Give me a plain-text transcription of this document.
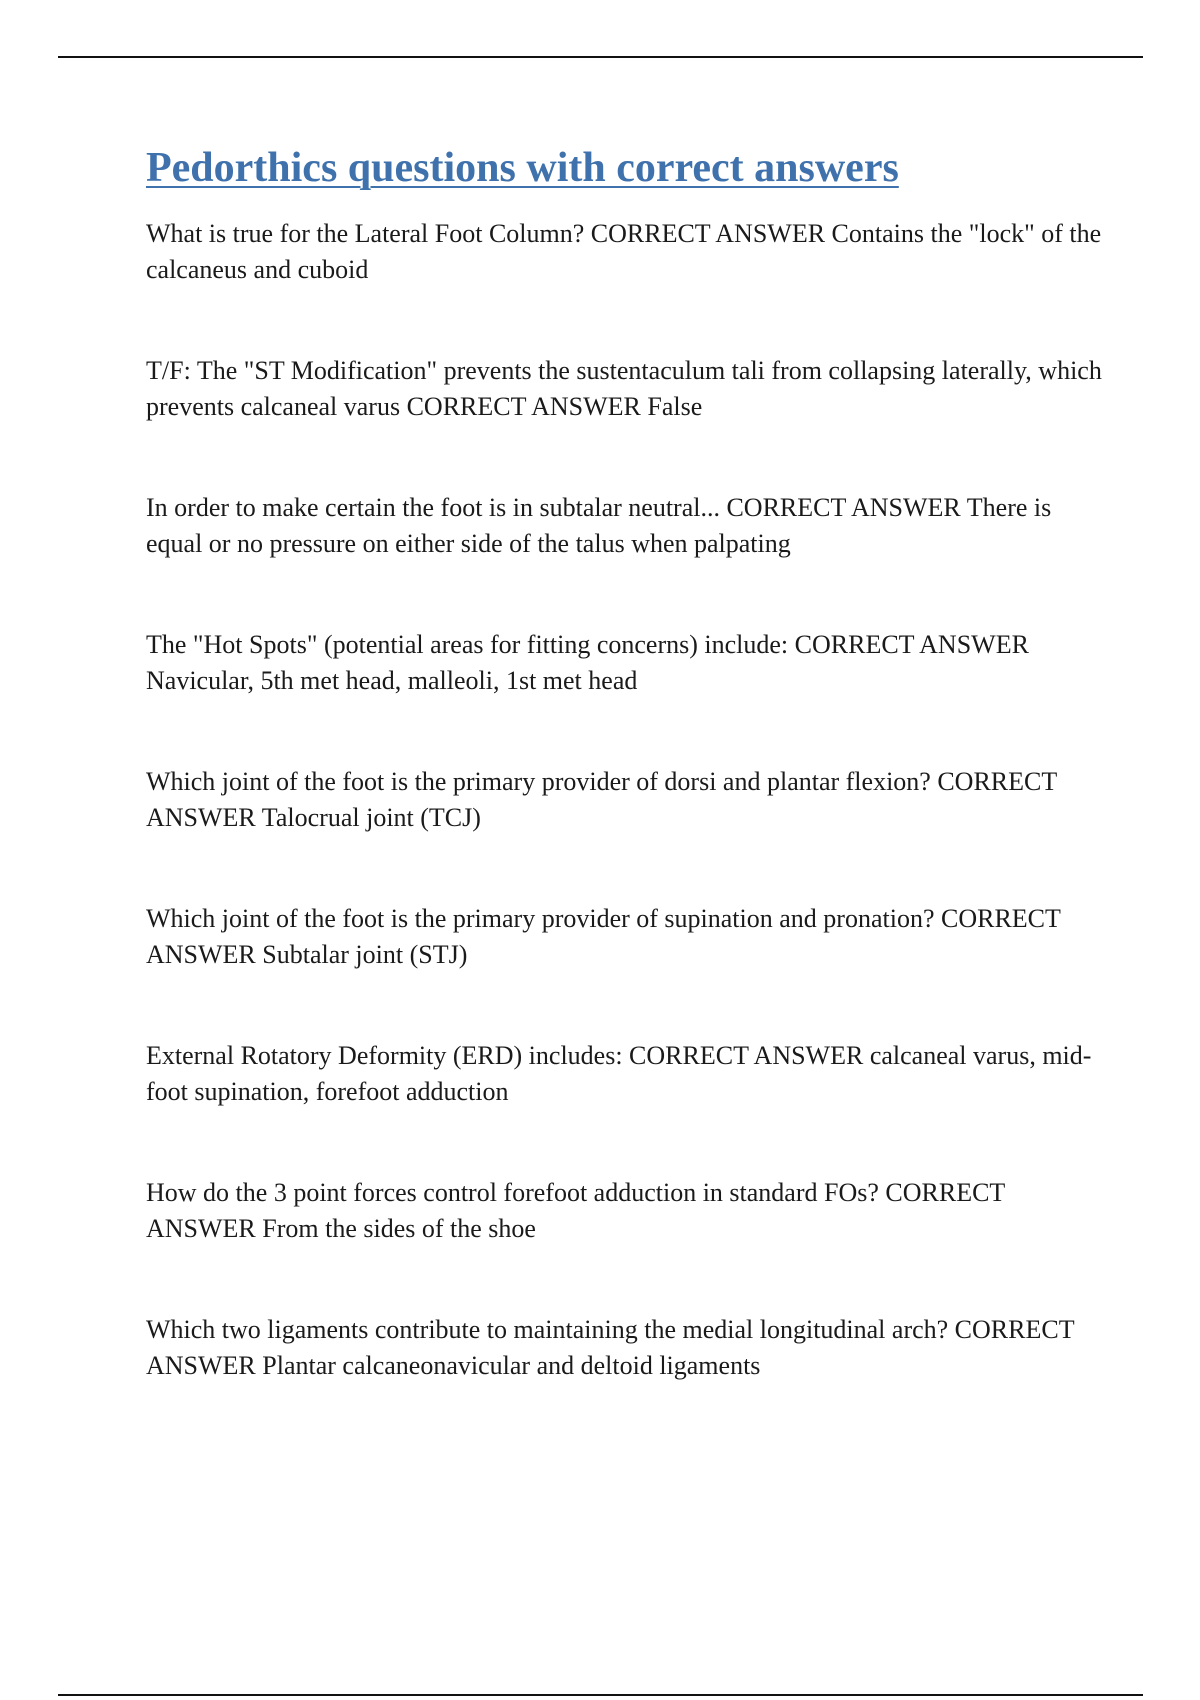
Pedorthics questions with correct answers
What is true for the Lateral Foot Column? CORRECT ANSWER Contains the "lock" of the calcaneus and cuboid
T/F: The "ST Modification" prevents the sustentaculum tali from collapsing laterally, which prevents calcaneal varus CORRECT ANSWER False
In order to make certain the foot is in subtalar neutral... CORRECT ANSWER There is equal or no pressure on either side of the talus when palpating
The "Hot Spots" (potential areas for fitting concerns) include: CORRECT ANSWER Navicular, 5th met head, malleoli, 1st met head
Which joint of the foot is the primary provider of dorsi and plantar flexion? CORRECT ANSWER Talocrual joint (TCJ)
Which joint of the foot is the primary provider of supination and pronation? CORRECT ANSWER Subtalar joint (STJ)
External Rotatory Deformity (ERD) includes: CORRECT ANSWER calcaneal varus, mid-foot supination, forefoot adduction
How do the 3 point forces control forefoot adduction in standard FOs? CORRECT ANSWER From the sides of the shoe
Which two ligaments contribute to maintaining the medial longitudinal arch? CORRECT ANSWER Plantar calcaneonavicular and deltoid ligaments
